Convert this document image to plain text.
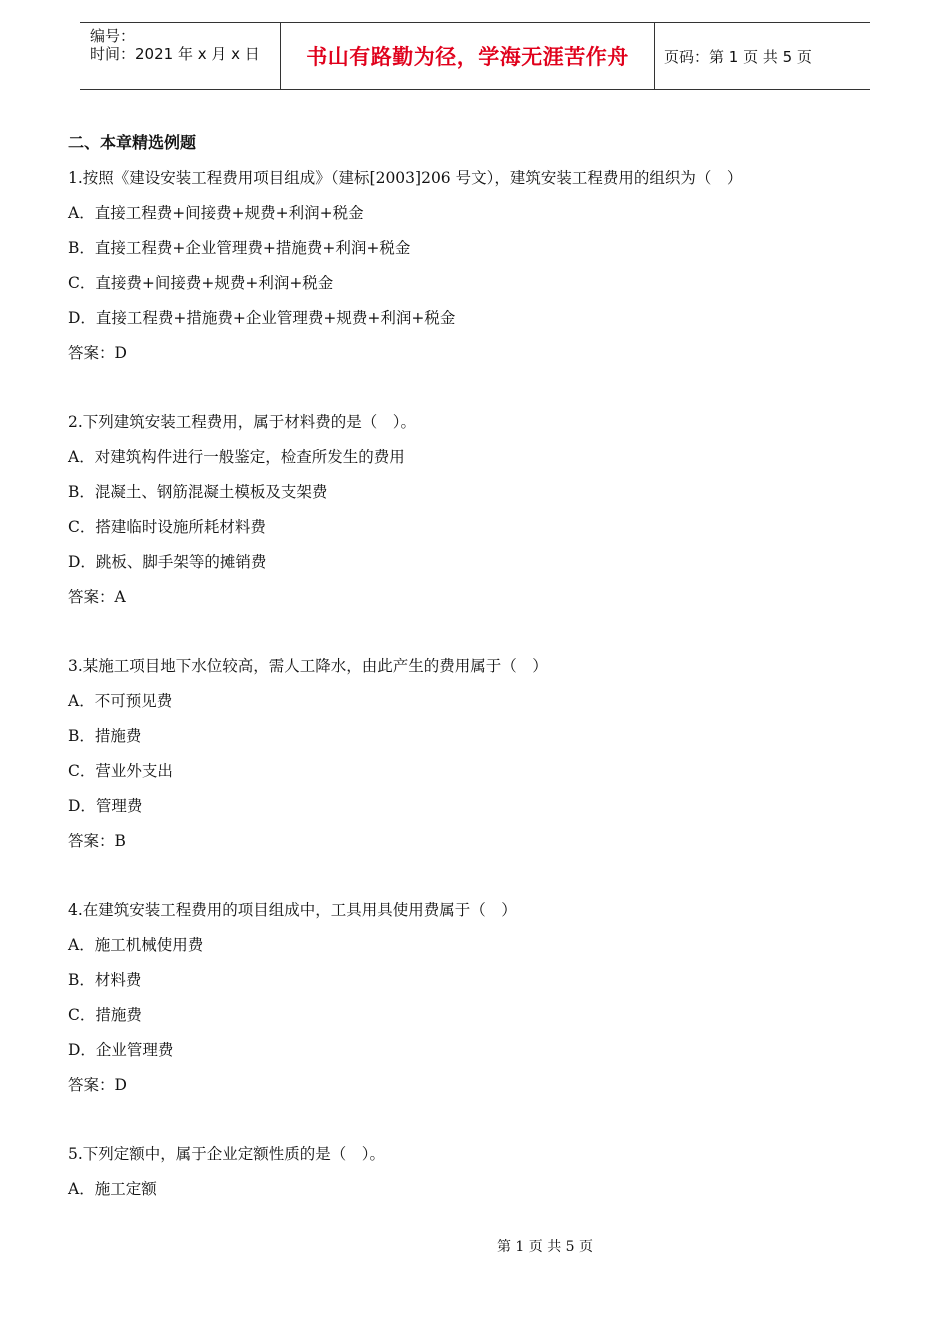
编号：
时间：2021 年 x 月 x 日	书山有路勤为径，学海无涯苦作舟	页码：第 1 页 共 5 页
二、本章精选例题
1.按照《建设安装工程费用项目组成》（建标[2003]206 号文），建筑安装工程费用的组织为（　）
A．直接工程费+间接费+规费+利润+税金
B．直接工程费+企业管理费+措施费+利润+税金
C．直接费+间接费+规费+利润+税金
D．直接工程费+措施费+企业管理费+规费+利润+税金
答案：D
2.下列建筑安装工程费用，属于材料费的是（　）。
A．对建筑构件进行一般鉴定，检查所发生的费用
B．混凝土、钢筋混凝土模板及支架费
C．搭建临时设施所耗材料费
D．跳板、脚手架等的摊销费
答案：A
3.某施工项目地下水位较高，需人工降水，由此产生的费用属于（　）
A．不可预见费
B．措施费
C．营业外支出
D．管理费
答案：B
4.在建筑安装工程费用的项目组成中，工具用具使用费属于（　）
A．施工机械使用费
B．材料费
C．措施费
D．企业管理费
答案：D
5.下列定额中，属于企业定额性质的是（　）。
A．施工定额
第 1 页 共 5 页
